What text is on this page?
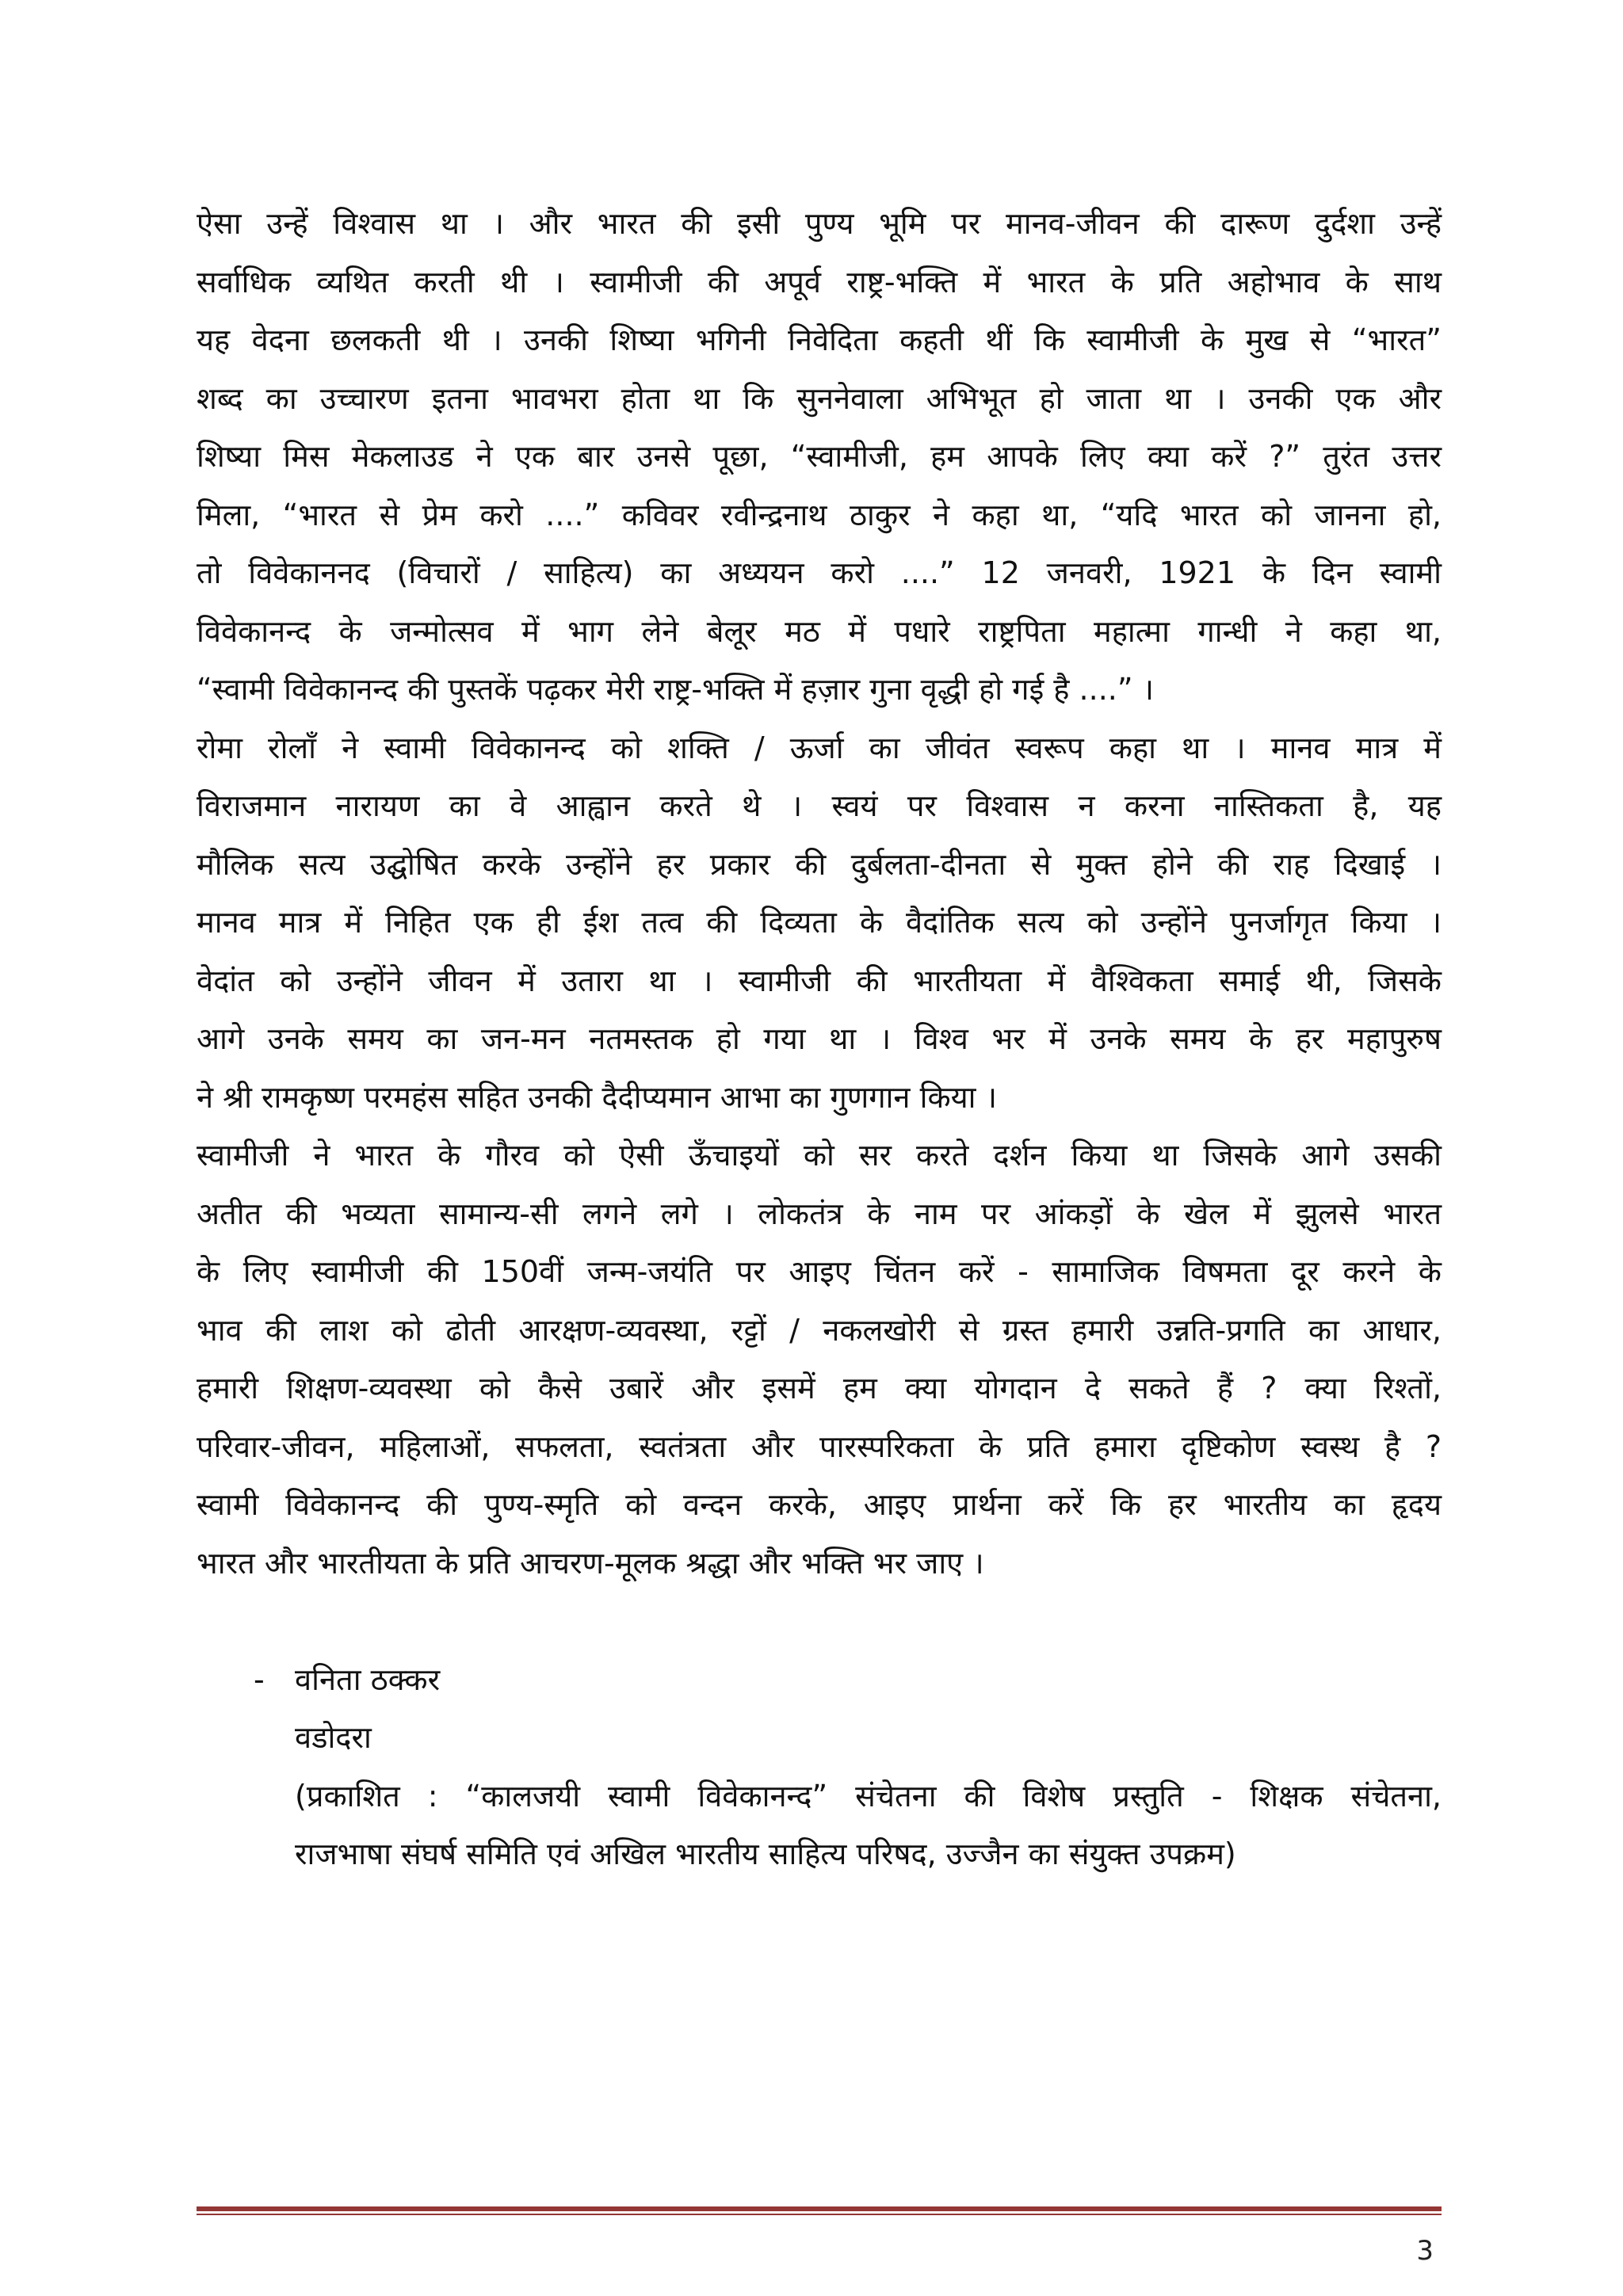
ऐसा उन्हें विश्वास था । और भारत की इसी पुण्य भूमि पर मानव-जीवन की दारूण दुर्दशा उन्हें
सर्वाधिक व्यथित करती थी । स्वामीजी की अपूर्व राष्ट्र-भक्ति में भारत के प्रति अहोभाव के साथ
यह वेदना छलकती थी । उनकी शिष्या भगिनी निवेदिता कहती थीं कि स्वामीजी के मुख से “भारत”
शब्द का उच्चारण इतना भावभरा होता था कि सुननेवाला अभिभूत हो जाता था । उनकी एक और
शिष्या मिस मेकलाउड ने एक बार उनसे पूछा, “स्वामीजी, हम आपके लिए क्या करें ?” तुरंत उत्तर
मिला, “भारत से प्रेम करो ....” कविवर रवीन्द्रनाथ ठाकुर ने कहा था, “यदि भारत को जानना हो,
तो विवेकाननद (विचारों / साहित्य) का अध्ययन करो ....” 12 जनवरी, 1921 के दिन स्वामी
विवेकानन्द के जन्मोत्सव में भाग लेने बेलूर मठ में पधारे राष्ट्रपिता महात्मा गान्धी ने कहा था,
“स्वामी विवेकानन्द की पुस्तकें पढ़कर मेरी राष्ट्र-भक्ति में हज़ार गुना वृद्धी हो गई है ....” ।
रोमा रोलाँ ने स्वामी विवेकानन्द को शक्ति / ऊर्जा का जीवंत स्वरूप कहा था । मानव मात्र में
विराजमान नारायण का वे आह्वान करते थे । स्वयं पर विश्वास न करना नास्तिकता है, यह
मौलिक सत्य उद्घोषित करके उन्होंने हर प्रकार की दुर्बलता-दीनता से मुक्त होने की राह दिखाई ।
मानव मात्र में निहित एक ही ईश तत्व की दिव्यता के वैदांतिक सत्य को उन्होंने पुनर्जागृत किया ।
वेदांत को उन्होंने जीवन में उतारा था । स्वामीजी की भारतीयता में वैश्विकता समाई थी, जिसके
आगे उनके समय का जन-मन नतमस्तक हो गया था । विश्व भर में उनके समय के हर महापुरुष
ने श्री रामकृष्ण परमहंस सहित उनकी दैदीप्यमान आभा का गुणगान किया ।
स्वामीजी ने भारत के गौरव को ऐसी ऊँचाइयों को सर करते दर्शन किया था जिसके आगे उसकी
अतीत की भव्यता सामान्य-सी लगने लगे । लोकतंत्र के नाम पर आंकड़ों के खेल में झुलसे भारत
के लिए स्वामीजी की 150वीं जन्म-जयंति पर आइए चिंतन करें - सामाजिक विषमता दूर करने के
भाव की लाश को ढोती आरक्षण-व्यवस्था, रट्टों / नकलखोरी से ग्रस्त हमारी उन्नति-प्रगति का आधार,
हमारी शिक्षण-व्यवस्था को कैसे उबारें और इसमें हम क्या योगदान दे सकते हैं ? क्या रिश्तों,
परिवार-जीवन, महिलाओं, सफलता, स्वतंत्रता और पारस्परिकता के प्रति हमारा दृष्टिकोण स्वस्थ है ?
स्वामी विवेकानन्द की पुण्य-स्मृति को वन्दन करके, आइए प्रार्थना करें कि हर भारतीय का हृदय
भारत और भारतीयता के प्रति आचरण-मूलक श्रद्धा और भक्ति भर जाए ।
- वनिता ठक्कर
वडोदरा
(प्रकाशित : “कालजयी स्वामी विवेकानन्द” संचेतना की विशेष प्रस्तुति - शिक्षक संचेतना,
राजभाषा संघर्ष समिति एवं अखिल भारतीय साहित्य परिषद, उज्जैन का संयुक्त उपक्रम)
3
